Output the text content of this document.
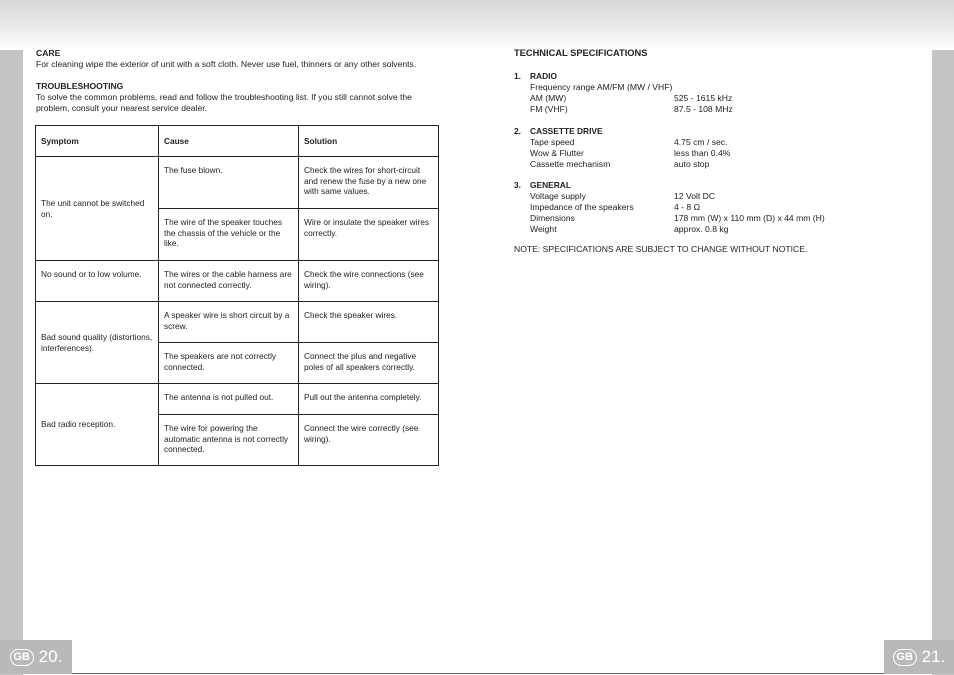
CARE
For cleaning wipe the exterior of unit with a soft cloth. Never use fuel, thinners or any other solvents.
TROUBLESHOOTING
To solve the common problems, read and follow the troubleshooting list. If you still cannot solve the problem, consult your nearest service dealer.
Symptom	Cause	Solution
The unit cannot be switched on.	The fuse blown.	Check the wires for short-circuit and renew the fuse by a new one with same values.
	The wire of the speaker touches the chassis of the vehicle or the like.	Wire or insulate the speaker wires correctly.
No sound or to low volume.	The wires or the cable harness are not connected correctly.	Check the wire connections (see wiring).
Bad sound quality (distortions, interferences).	A speaker wire is short circuit by a screw.	Check the speaker wires.
	The speakers are not correctly connected.	Connect the plus and negative poles of all speakers correctly.
Bad radio reception.	The antenna is not pulled out.	Pull out the antenna completely.
	The wire for powering the automatic antenna is not correctly connected.	Connect the wire correctly (see wiring).
TECHNICAL SPECIFICATIONS
1. RADIO
Frequency range AM/FM (MW / VHF)
AM (MW)	525 - 1615 kHz
FM (VHF)	87.5 - 108 MHz
2. CASSETTE DRIVE
Tape speed	4.75 cm / sec.
Wow & Flutter	less than 0.4%
Cassette mechanism	auto stop
3. GENERAL
Voltage supply	12 Volt DC
Impedance of the speakers	4 - 8 Ω
Dimensions	178 mm (W) x 110 mm (D) x 44 mm (H)
Weight	approx. 0.8 kg
NOTE: SPECIFICATIONS ARE SUBJECT TO CHANGE WITHOUT NOTICE.
GB 20.	GB 21.
